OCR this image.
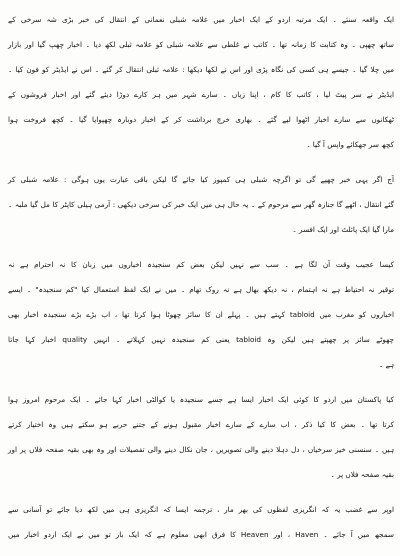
ایک واقعہ سنئے ۔ ایک مرتبہ اردو کے ایک اخبار میں علامہ شبلی نعمانی کے انتقال کی خبر بڑی شہ سرخی کے
ساتھ چھپی ۔ وہ کتابت کا زمانہ تھا ۔ کاتب نے غلطی سے علامہ شبلی کو علامہ ثبلی لکھ دیا ۔ اخبار چھپ گیا اور بازار
میں چلا گیا ۔ جیسے ہی کسی کی نگاہ پڑی اور اس نے لکھا دیکھا : علامہ ثبلی انتقال کر گئے ۔ اس نے ایڈیٹر کو فون کیا ۔
ایڈیٹر نے سر پیٹ لیا ، کاتب کا کام ، اپنا زیاں ۔ سارے شہر میں ہر کارے دوڑا دیئے گئے اور اخبار فروشوں کے
ٹھکانوں سے سارے اخبار اٹھوا لیے گئے ۔ بھاری خرچ برداشت کر کے اخبار دوبارہ چھپوایا گیا ۔ کچھ فروخت ہوا
کچھ سر جھکائے واپس آ گیا ۔
آج اگر یہی خبر چھپے گی تو اگرچہ شبلی ہی کمپوز کیا جائے گا لیکن باقی عبارت یوں ہوگی : علامہ شبلی کر
گئے انتقال ، اٹھے گا جنازہ گھر سے مرحوم کے ۔ یہ حال ہی میں ایک خبر کی سرخی دیکھی : آرمی ہیلی کاپٹر کا مل گیا ملبہ ۔
مارا گیا ایک پائلٹ اور ایک افسر ۔
کیسا عجیب وقت آن لگا ہے ۔ سب سے نہیں لیکن بعض کم سنجیدہ اخباروں میں زبان کا نہ احترام ہے نہ
توقیر نہ احتیاط ہے نہ اہتمام ، نہ دیکھ بھال ہے نہ روک تھام ۔ میں نے ایک لفظ استعمال کیا "کم سنجیدہ" ۔ ایسے
اخباروں کو مغرب میں tabloid کہتے ہیں ۔ پہلے ان کا سائز چھوٹا ہوا کرتا تھا ، اب بڑے بڑے سنجیدہ اخبار بھی
چھوٹے سائز پر چھپتے ہیں لیکن وہ tabloid یعنی کم سنجیدہ نہیں کہلاتے ۔ انہیں quality اخبار کہا جاتا
ہے ۔
کیا پاکستان میں اردو کا کوئی ایک اخبار ایسا ہے جسے سنجیدہ یا کوالٹی اخبار کہا جائے ۔ ایک مرحوم امروز ہوا
کرتا تھا ۔ بعض کا کیا ذکر ، اب سارے کے سارے اخبار مقبول ہونے کے جتنے حربے ہو سکتے ہیں وہ اختیار کرتے
ہیں ۔ سنسنی خیز سرخیاں ، دل دہلا دینے والی تصویریں ، جان نکال دینے والی تفصیلات اور وہ بھی بقیہ صفحہ فلاں پر اور
بقیہ صفحہ فلاں پر ۔
اوپر سے غضب یہ کہ انگریزی لفظوں کی بھر مار ، ترجمہ ایسا کہ انگریزی ہی میں لکھ دیا جائے تو آسانی سے
سمجھ میں آ جائے ۔ Haven ، اور Heaven کا فرق ابھی معلوم ہے کہ ایک بار تو میں نے ایک اردو اخبار میں
